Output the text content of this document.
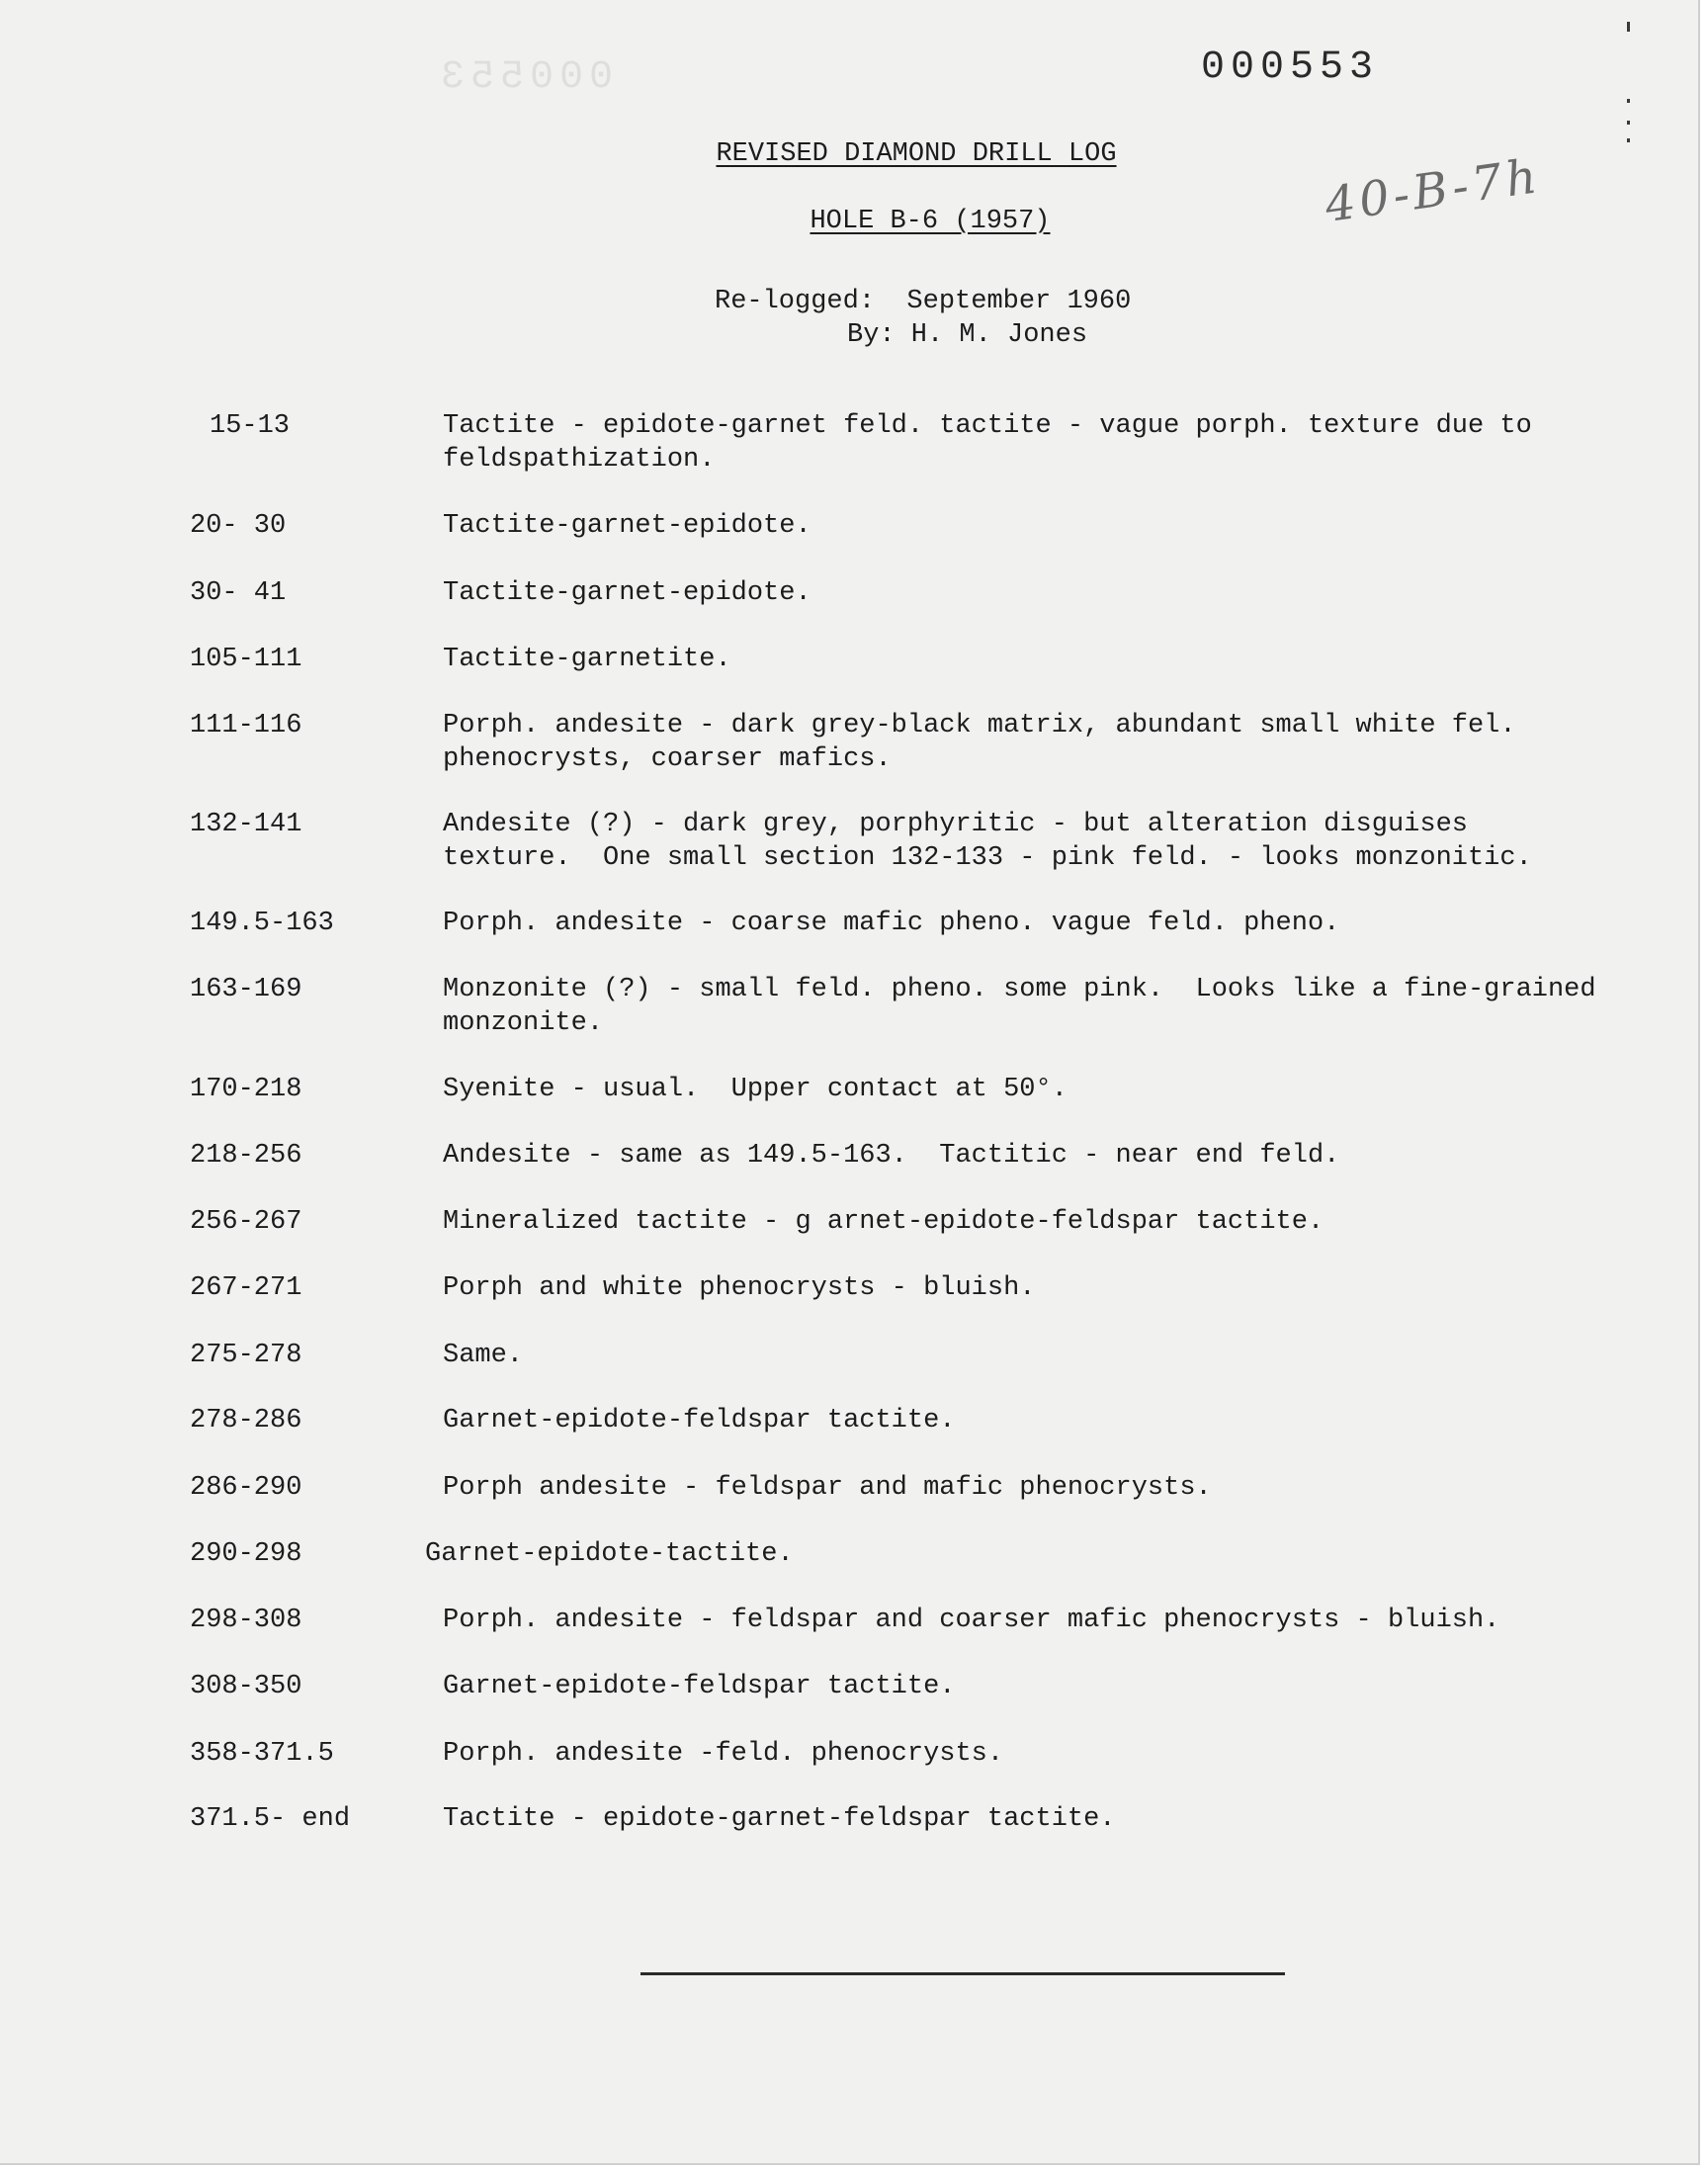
000553	000553
40-B-7h
REVISED DIAMOND DRILL LOG
HOLE B-6 (1957)
Re-logged:  September 1960
By: H. M. Jones
15-13	Tactite - epidote-garnet feld. tactite - vague porph. texture due to feldspathization.
20- 30	Tactite-garnet-epidote.
30- 41	Tactite-garnet-epidote.
105-111	Tactite-garnetite.
111-116	Porph. andesite - dark grey-black matrix, abundant small white fel. phenocrysts, coarser mafics.
132-141	Andesite (?) - dark grey, porphyritic - but alteration disguises texture.  One small section 132-133 - pink feld. - looks monzonitic.
149.5-163	Porph. andesite - coarse mafic pheno. vague feld. pheno.
163-169	Monzonite (?) - small feld. pheno. some pink.  Looks like a fine-grained monzonite.
170-218	Syenite - usual.  Upper contact at 50°.
218-256	Andesite - same as 149.5-163.  Tactitic - near end feld.
256-267	Mineralized tactite - g arnet-epidote-feldspar tactite.
267-271	Porph and white phenocrysts - bluish.
275-278	Same.
278-286	Garnet-epidote-feldspar tactite.
286-290	Porph andesite - feldspar and mafic phenocrysts.
290-298	Garnet-epidote-tactite.
298-308	Porph. andesite - feldspar and coarser mafic phenocrysts - bluish.
308-350	Garnet-epidote-feldspar tactite.
358-371.5	Porph. andesite -feld. phenocrysts.
371.5- end	Tactite - epidote-garnet-feldspar tactite.
